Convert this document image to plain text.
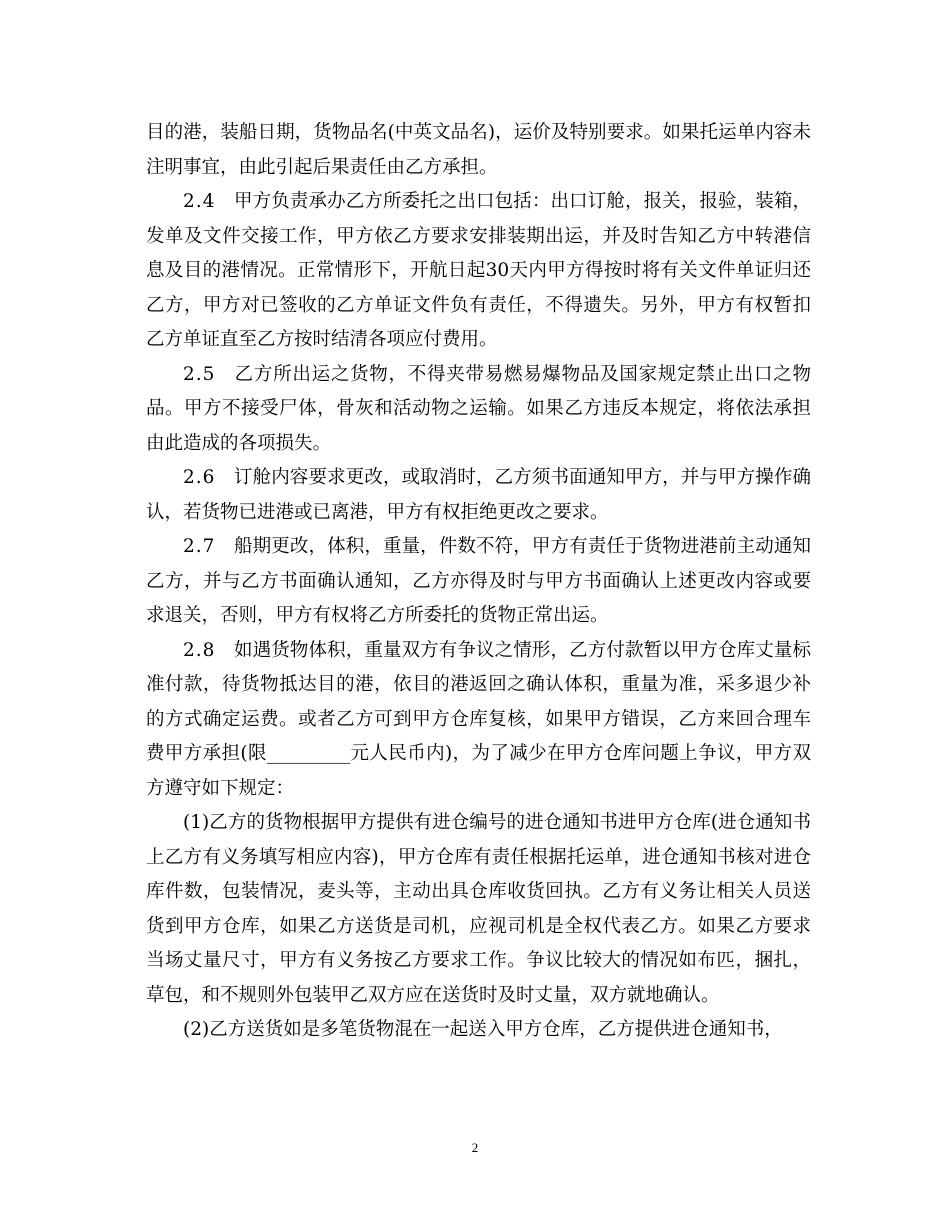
目的港，装船日期，货物品名(中英文品名)，运价及特别要求。如果托运单内容未注明事宜，由此引起后果责任由乙方承担。

2.4  甲方负责承办乙方所委托之出口包括：出口订舱，报关，报验，装箱，发单及文件交接工作，甲方依乙方要求安排装期出运，并及时告知乙方中转港信息及目的港情况。正常情形下，开航日起30天内甲方得按时将有关文件单证归还乙方，甲方对已签收的乙方单证文件负有责任，不得遗失。另外，甲方有权暂扣乙方单证直至乙方按时结清各项应付费用。

2.5  乙方所出运之货物，不得夹带易燃易爆物品及国家规定禁止出口之物品。甲方不接受尸体，骨灰和活动物之运输。如果乙方违反本规定，将依法承担由此造成的各项损失。

2.6  订舱内容要求更改，或取消时，乙方须书面通知甲方，并与甲方操作确认，若货物已进港或已离港，甲方有权拒绝更改之要求。

2.7  船期更改，体积，重量，件数不符，甲方有责任于货物进港前主动通知乙方，并与乙方书面确认通知，乙方亦得及时与甲方书面确认上述更改内容或要求退关，否则，甲方有权将乙方所委托的货物正常出运。

2.8  如遇货物体积，重量双方有争议之情形，乙方付款暂以甲方仓库丈量标准付款，待货物抵达目的港，依目的港返回之确认体积，重量为准，采多退少补的方式确定运费。或者乙方可到甲方仓库复核，如果甲方错误，乙方来回合理车费甲方承担(限_________元人民币内)，为了减少在甲方仓库问题上争议，甲方双方遵守如下规定：

(1)乙方的货物根据甲方提供有进仓编号的进仓通知书进甲方仓库(进仓通知书上乙方有义务填写相应内容)，甲方仓库有责任根据托运单，进仓通知书核对进仓库件数，包装情况，麦头等，主动出具仓库收货回执。乙方有义务让相关人员送货到甲方仓库，如果乙方送货是司机，应视司机是全权代表乙方。如果乙方要求当场丈量尺寸，甲方有义务按乙方要求工作。争议比较大的情况如布匹，捆扎，草包，和不规则外包装甲乙双方应在送货时及时丈量，双方就地确认。

(2)乙方送货如是多笔货物混在一起送入甲方仓库，乙方提供进仓通知书，

2
